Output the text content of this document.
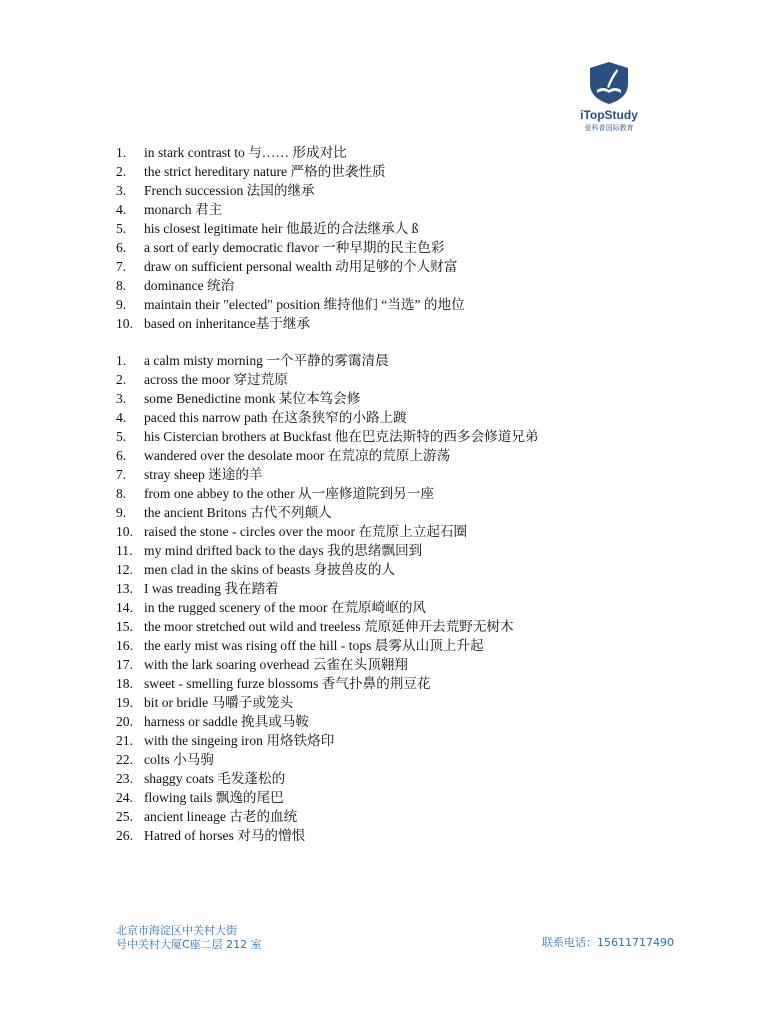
iTopStudy
爱科普国际教育
1. in stark contrast to 与…… 形成对比
2. the strict hereditary nature 严格的世袭性质
3. French succession 法国的继承
4. monarch 君主
5. his closest legitimate heir 他最近的合法继承人 ß
6. a sort of early democratic flavor 一种早期的民主色彩
7. draw on sufficient personal wealth 动用足够的个人财富
8. dominance 统治
9. maintain their "elected" position 维持他们 “当选” 的地位
10. based on inheritance基于继承
1. a calm misty morning 一个平静的雾霭清晨
2. across the moor 穿过荒原
3. some Benedictine monk 某位本笃会修
4. paced this narrow path 在这条狭窄的小路上踱
5. his Cistercian brothers at Buckfast 他在巴克法斯特的西多会修道兄弟
6. wandered over the desolate moor 在荒凉的荒原上游荡
7. stray sheep 迷途的羊
8. from one abbey to the other 从一座修道院到另一座
9. the ancient Britons 古代不列颠人
10. raised the stone - circles over the moor 在荒原上立起石圈
11. my mind drifted back to the days 我的思绪飘回到
12. men clad in the skins of beasts 身披兽皮的人
13. I was treading 我在踏着
14. in the rugged scenery of the moor 在荒原崎岖的风
15. the moor stretched out wild and treeless 荒原延伸开去荒野无树木
16. the early mist was rising off the hill - tops 晨雾从山顶上升起
17. with the lark soaring overhead 云雀在头顶翱翔
18. sweet - smelling furze blossoms 香气扑鼻的荆豆花
19. bit or bridle 马嚼子或笼头
20. harness or saddle 挽具或马鞍
21. with the singeing iron 用烙铁烙印
22. colts 小马驹
23. shaggy coats 毛发蓬松的
24. flowing tails 飘逸的尾巴
25. ancient lineage 古老的血统
26. Hatred of horses 对马的憎恨
北京市海淀区中关村大街
号中关村大厦C座二层 212 室	联系电话：15611717490
